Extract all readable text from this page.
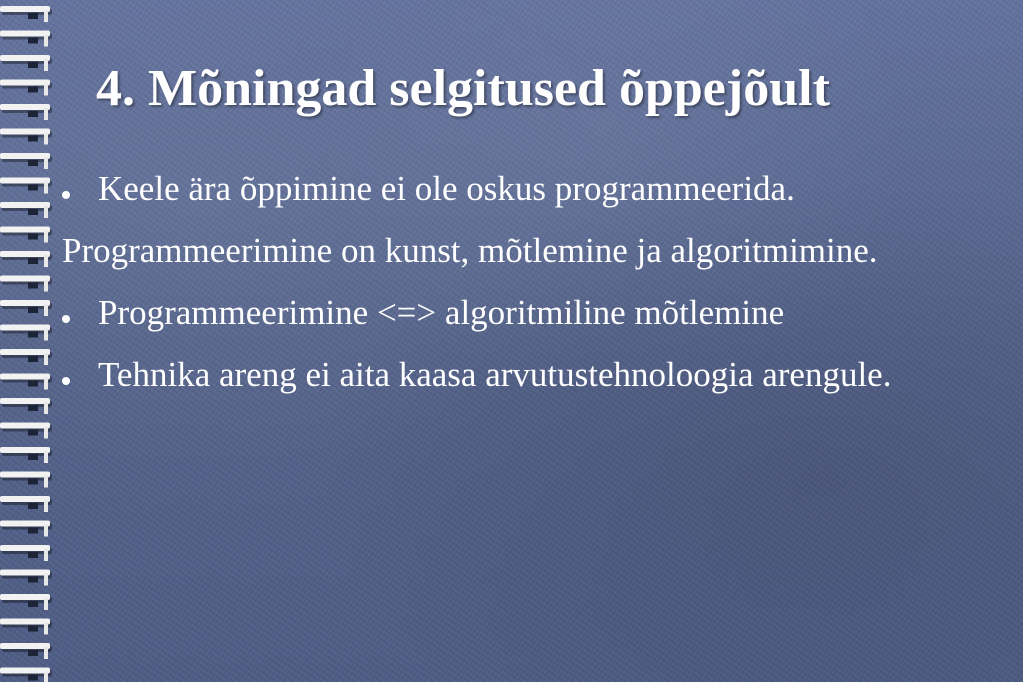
4. Mõningad selgitused õppejõult
Keele ära õppimine ei ole oskus programmeerida.
Programmeerimine on kunst, mõtlemine ja algoritmimine.
Programmeerimine <=> algoritmiline mõtlemine
Tehnika areng ei aita kaasa arvutustehnoloogia arengule.
